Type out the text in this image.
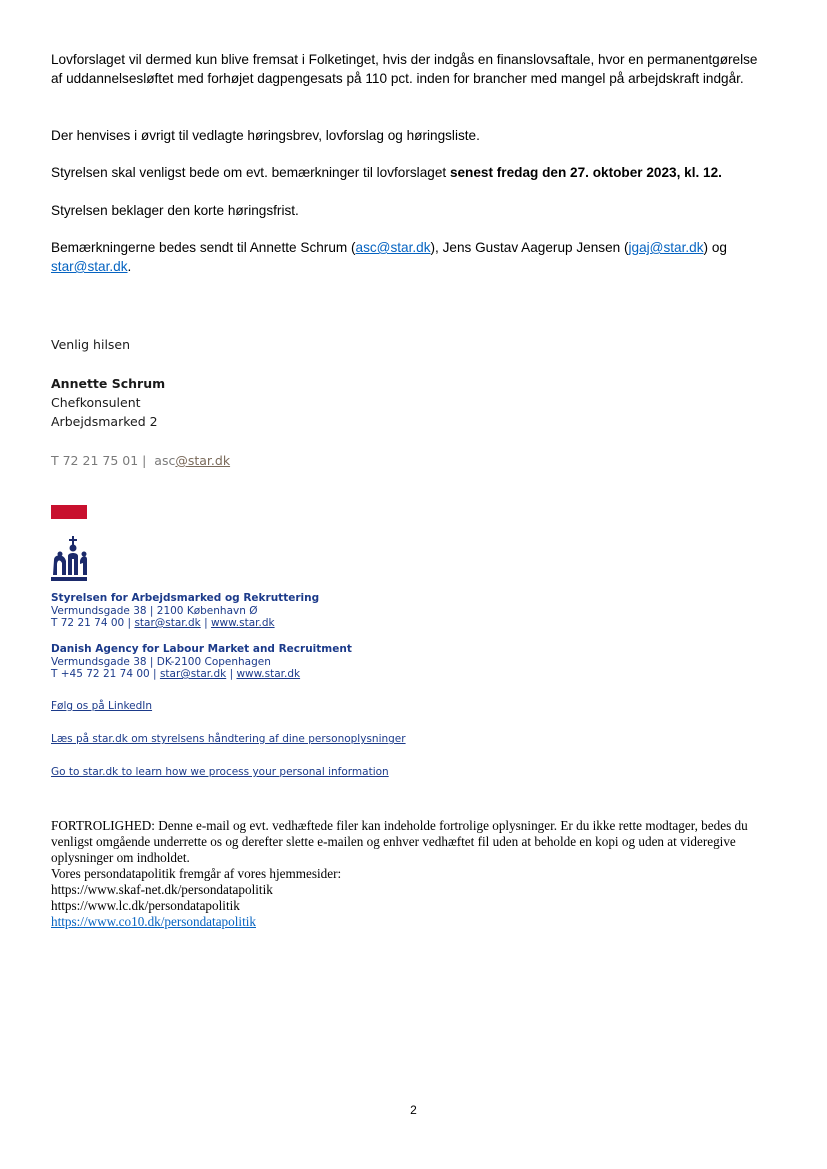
Lovforslaget vil dermed kun blive fremsat i Folketinget, hvis der indgås en finanslovsaftale, hvor en permanentgørelse af uddannelsesløftet med forhøjet dagpengesats på 110 pct. inden for brancher med mangel på arbejdskraft indgår.

Der henvises i øvrigt til vedlagte høringsbrev, lovforslag og høringsliste.

Styrelsen skal venligst bede om evt. bemærkninger til lovforslaget senest fredag den 27. oktober 2023, kl. 12.

Styrelsen beklager den korte høringsfrist.

Bemærkningerne bedes sendt til Annette Schrum (asc@star.dk), Jens Gustav Aagerup Jensen (jgaj@star.dk) og
star@star.dk.

Venlig hilsen

Annette Schrum

Chefkonsulent

Arbejdsmarked 2

T 72 21 75 01 | asc@star.dk
Styrelsen for Arbejdsmarked og Rekruttering
Vermundsgade 38 | 2100 København Ø
T 72 21 74 00 | star@star.dk | www.star.dk
Danish Agency for Labour Market and Recruitment
Vermundsgade 38 | DK-2100 Copenhagen
T +45 72 21 74 00 | star@star.dk | www.star.dk
Følg os på LinkedIn
Læs på star.dk om styrelsens håndtering af dine personoplysninger
Go to star.dk to learn how we process your personal information
FORTROLIGHED: Denne e-mail og evt. vedhæftede filer kan indeholde fortrolige oplysninger. Er du ikke rette modtager, bedes du venligst omgående underrette os og derefter slette e-mailen og enhver vedhæftet fil uden at beholde en kopi og uden at videregive oplysninger om indholdet.
Vores persondatapolitik fremgår af vores hjemmesider:
https://www.skaf-net.dk/persondatapolitik
https://www.lc.dk/persondatapolitik
https://www.co10.dk/persondatapolitik
2
